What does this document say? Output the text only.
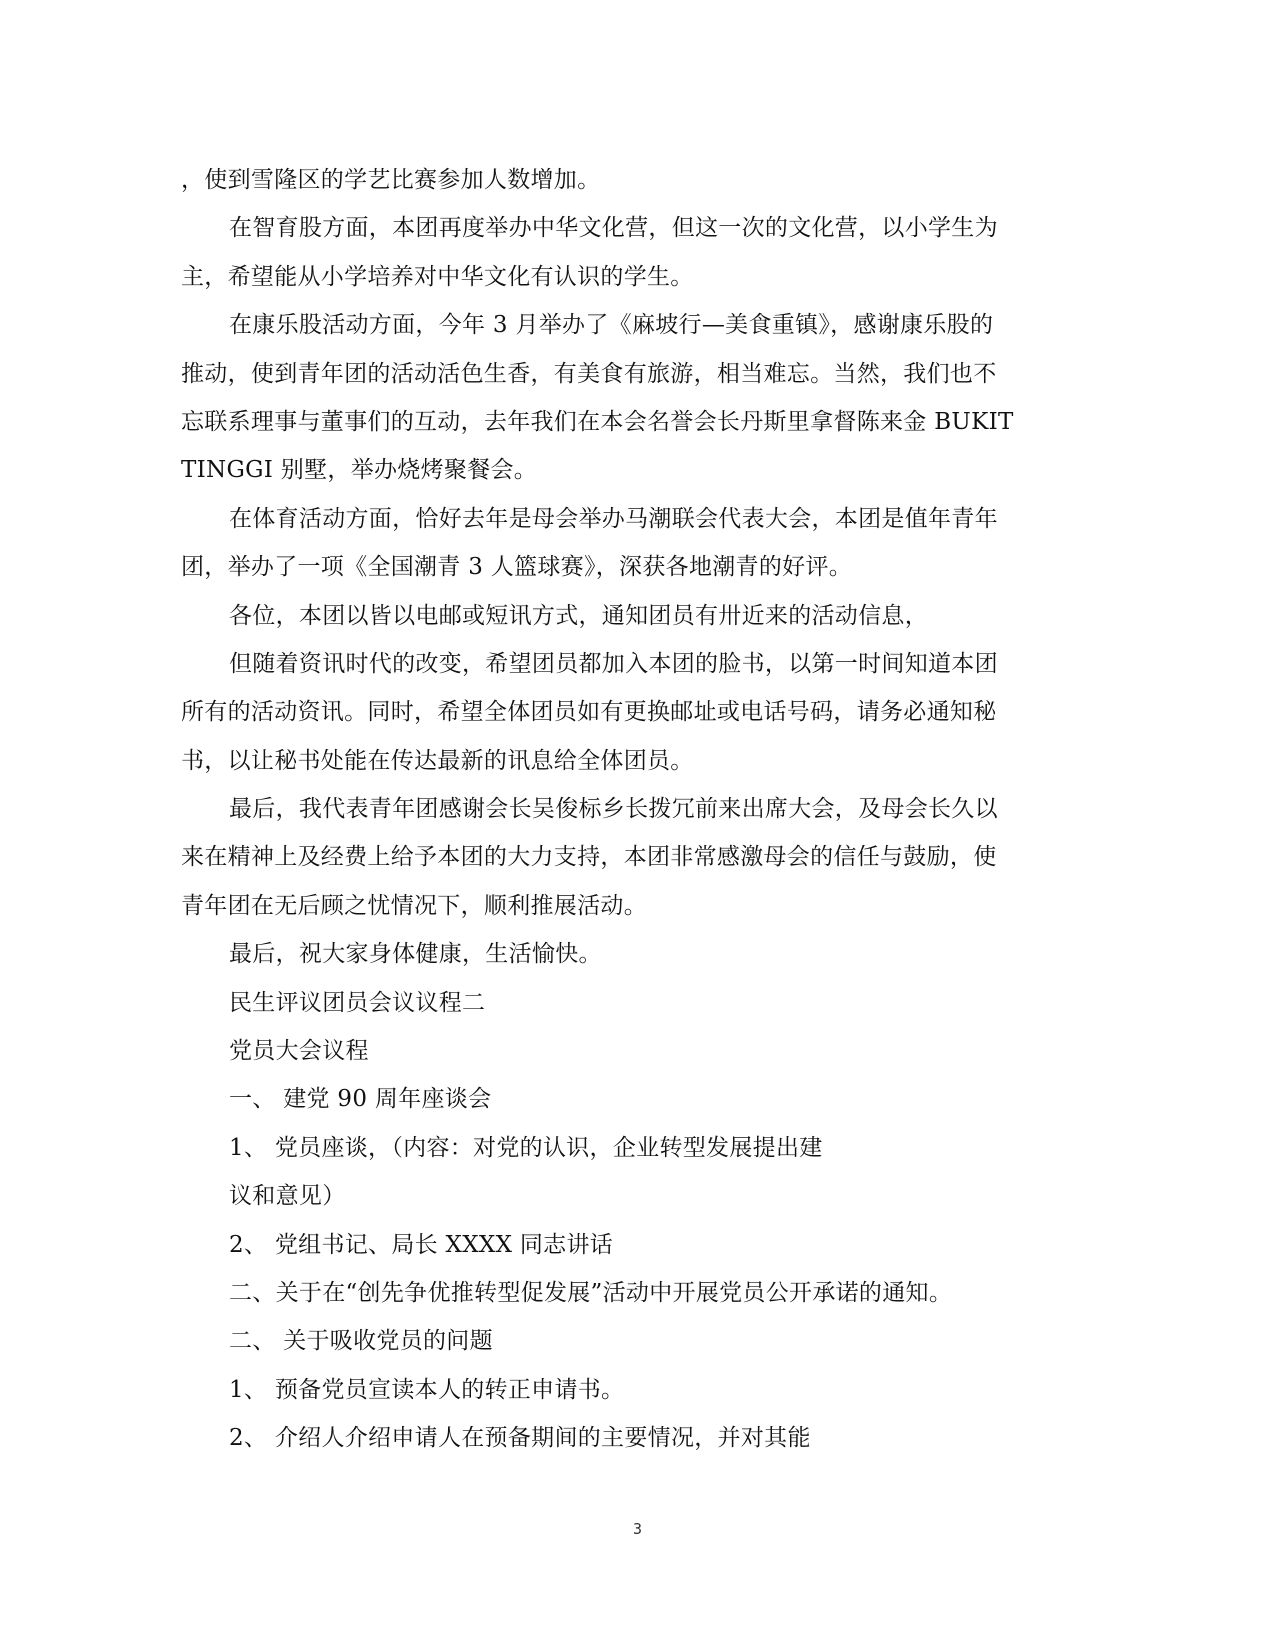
，使到雪隆区的学艺比赛参加人数增加。
在智育股方面，本团再度举办中华文化营，但这一次的文化营，以小学生为
主，希望能从小学培养对中华文化有认识的学生。
在康乐股活动方面，今年 3 月举办了《麻坡行—美食重镇》，感谢康乐股的
推动，使到青年团的活动活色生香，有美食有旅游，相当难忘。当然，我们也不
忘联系理事与董事们的互动，去年我们在本会名誉会长丹斯里拿督陈来金 BUKIT
TINGGI 别墅，举办烧烤聚餐会。
在体育活动方面，恰好去年是母会举办马潮联会代表大会，本团是值年青年
团，举办了一项《全国潮青 3 人篮球赛》，深获各地潮青的好评。
各位，本团以皆以电邮或短讯方式，通知团员有卅近来的活动信息，
但随着资讯时代的改变，希望团员都加入本团的脸书，以第一时间知道本团
所有的活动资讯。同时，希望全体团员如有更换邮址或电话号码，请务必通知秘
书，以让秘书处能在传达最新的讯息给全体团员。
最后，我代表青年团感谢会长吴俊标乡长拨冗前来出席大会，及母会长久以
来在精神上及经费上给予本团的大力支持，本团非常感激母会的信任与鼓励，使
青年团在无后顾之忧情况下，顺利推展活动。
最后，祝大家身体健康，生活愉快。
民生评议团员会议议程二
党员大会议程
一、 建党 90 周年座谈会
1、 党员座谈，（内容：对党的认识，企业转型发展提出建
议和意见）
2、 党组书记、局长 XXXX 同志讲话
二、关于在“创先争优推转型促发展”活动中开展党员公开承诺的通知。
二、 关于吸收党员的问题
1、 预备党员宣读本人的转正申请书。
2、 介绍人介绍申请人在预备期间的主要情况，并对其能
3
